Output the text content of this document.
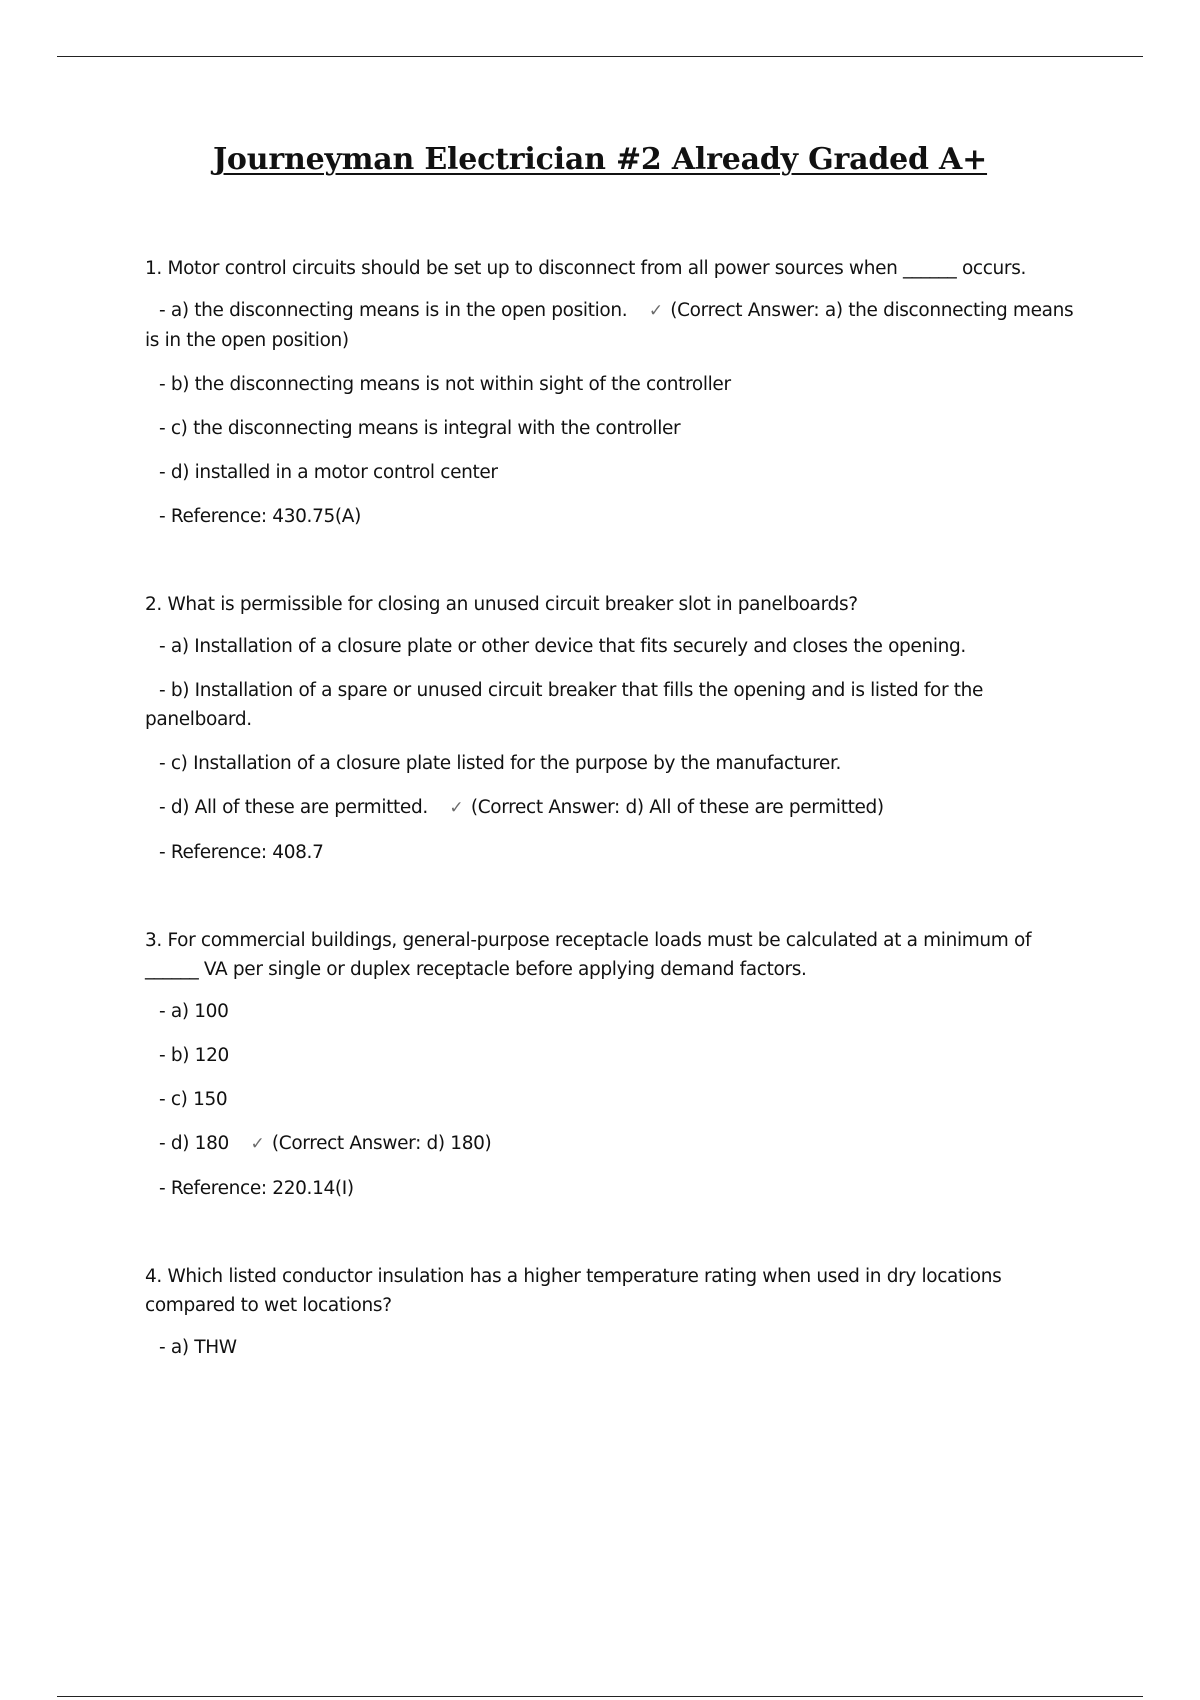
Journeyman Electrician #2 Already Graded A+

1. Motor control circuits should be set up to disconnect from all power sources when ______ occurs.

- a) the disconnecting means is in the open position. ✓ (Correct Answer: a) the disconnecting means is in the open position)

- b) the disconnecting means is not within sight of the controller

- c) the disconnecting means is integral with the controller

- d) installed in a motor control center

- Reference: 430.75(A)

2. What is permissible for closing an unused circuit breaker slot in panelboards?

- a) Installation of a closure plate or other device that fits securely and closes the opening.

- b) Installation of a spare or unused circuit breaker that fills the opening and is listed for the panelboard.

- c) Installation of a closure plate listed for the purpose by the manufacturer.

- d) All of these are permitted. ✓ (Correct Answer: d) All of these are permitted)

- Reference: 408.7

3. For commercial buildings, general-purpose receptacle loads must be calculated at a minimum of ______ VA per single or duplex receptacle before applying demand factors.

- a) 100

- b) 120

- c) 150

- d) 180 ✓ (Correct Answer: d) 180)

- Reference: 220.14(I)

4. Which listed conductor insulation has a higher temperature rating when used in dry locations compared to wet locations?

- a) THW
